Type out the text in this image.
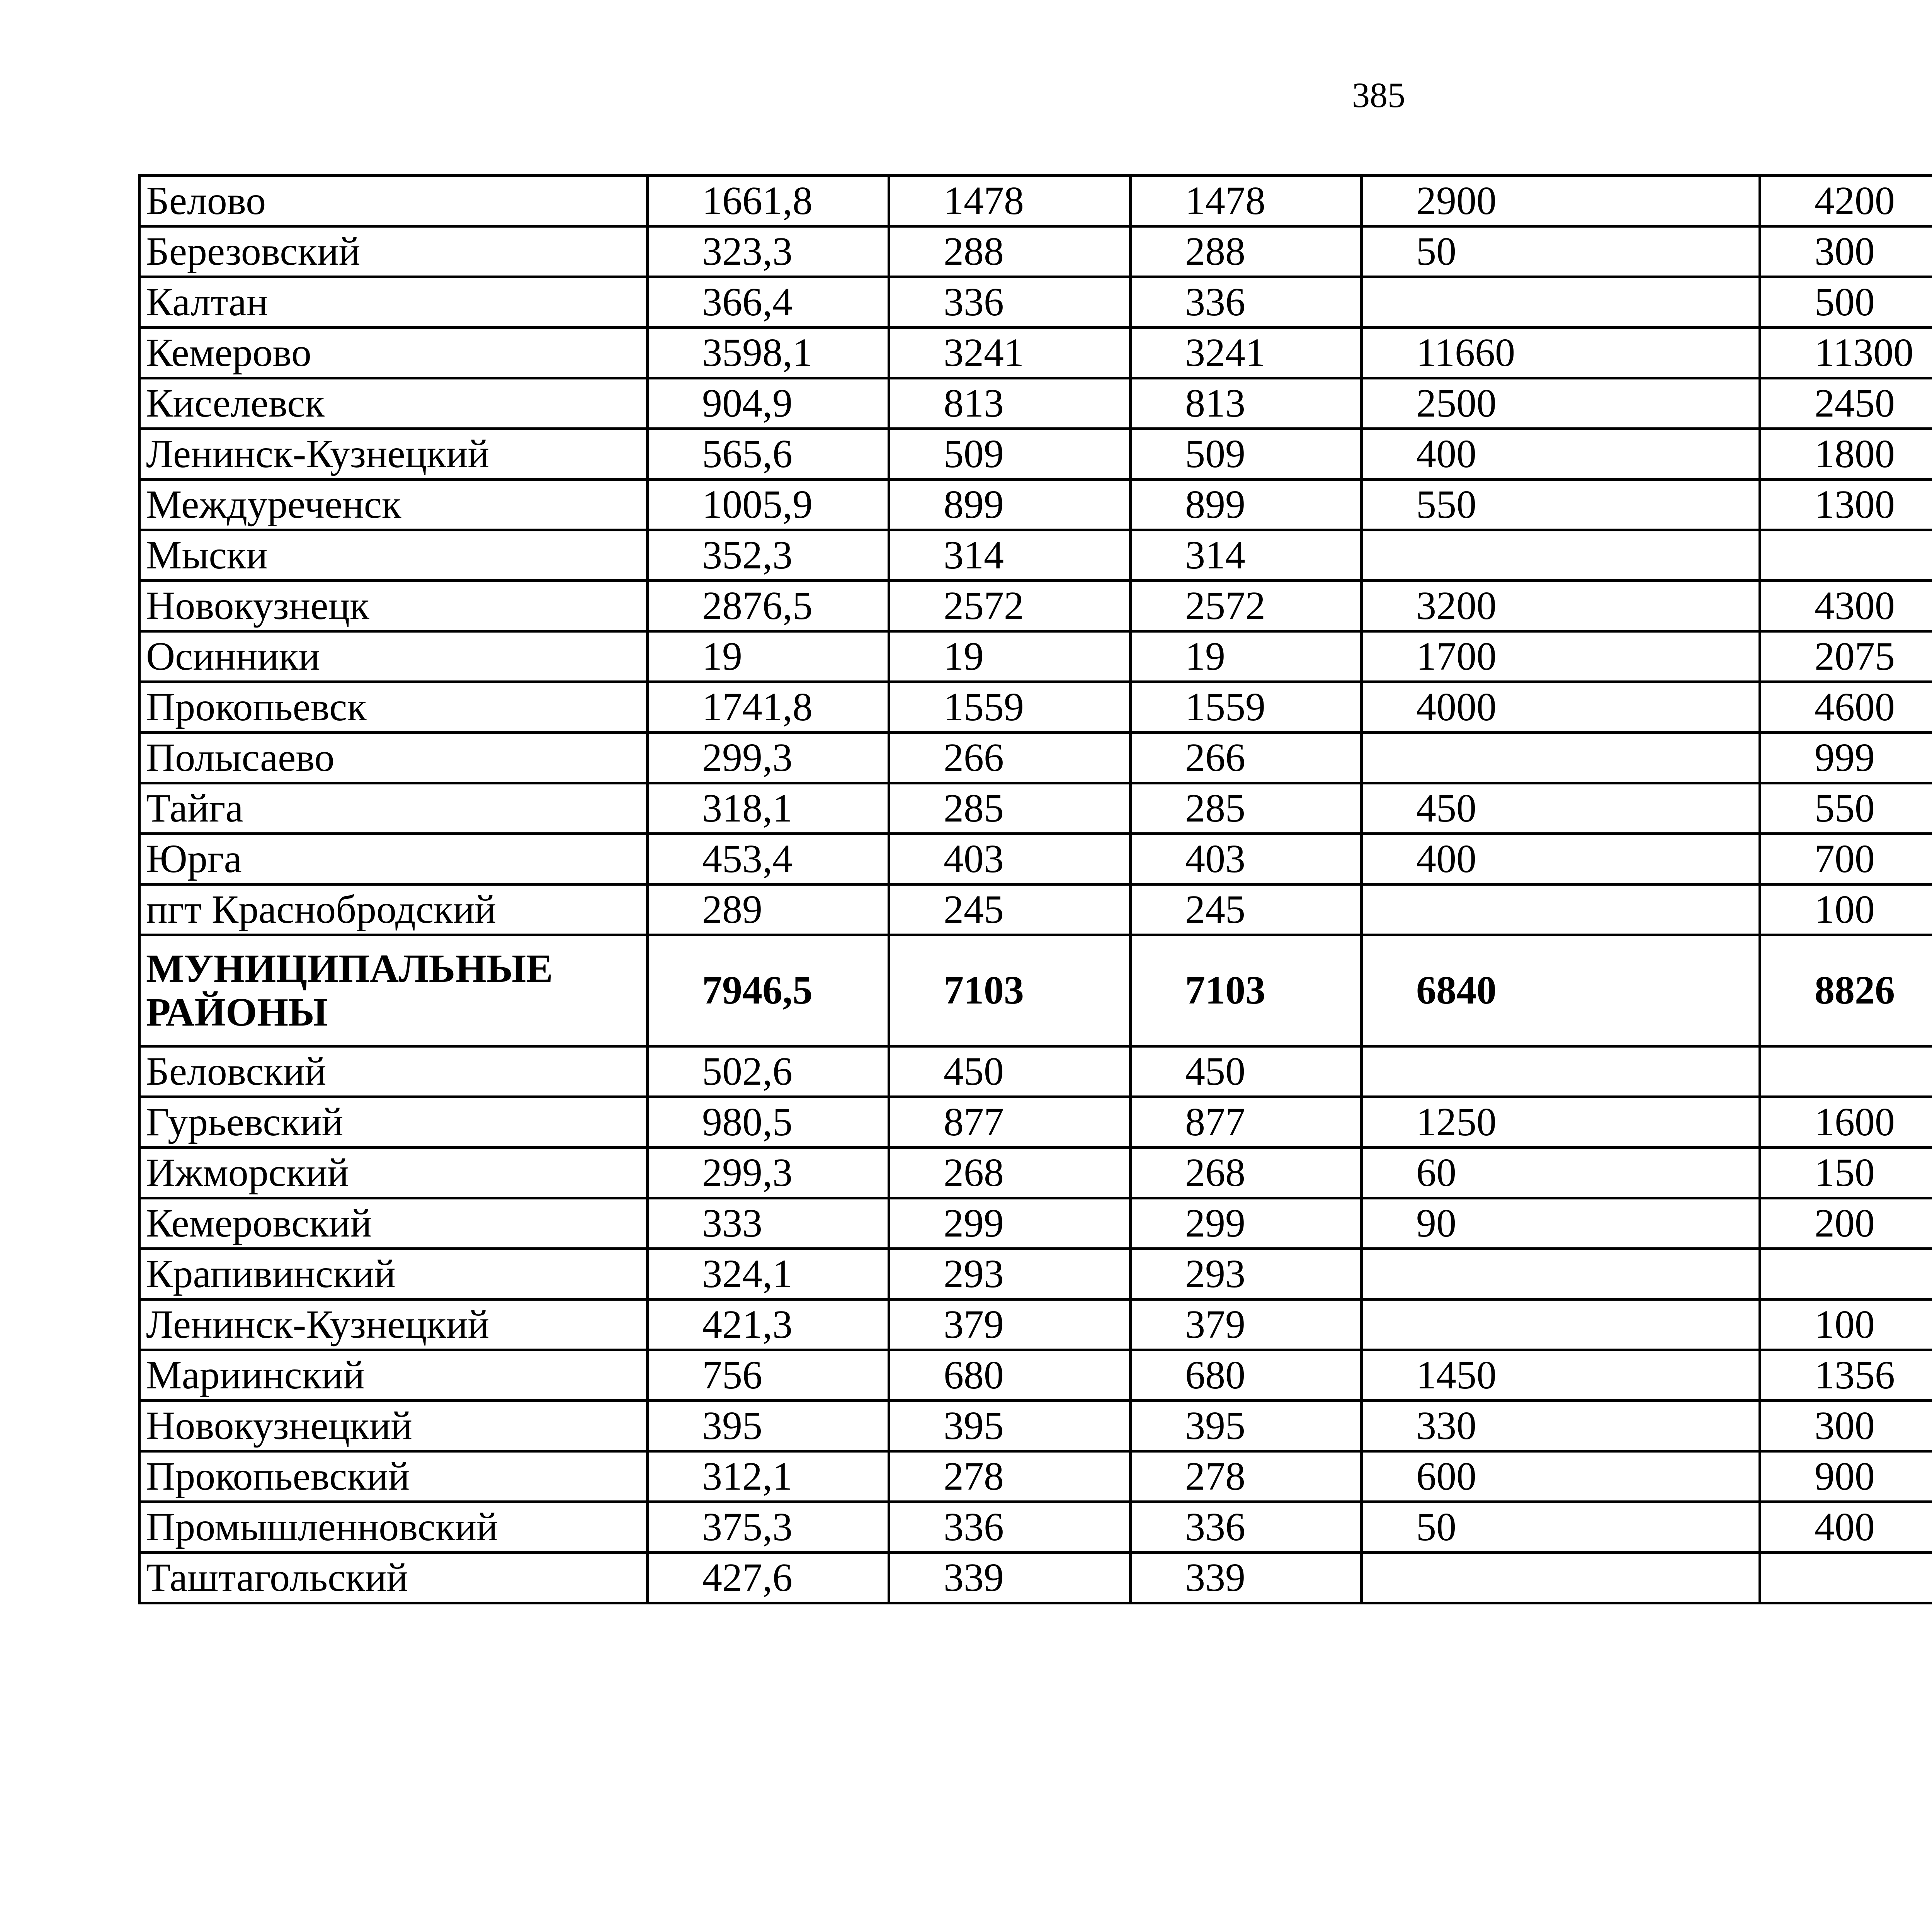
385
Белово	1661,8	1478	1478	2900	4200	
Березовский	323,3	288	288	50	300	
Калтан	366,4	336	336		500	
Кемерово	3598,1	3241	3241	11660	11300	
Киселевск	904,9	813	813	2500	2450	
Ленинск-Кузнецкий	565,6	509	509	400	1800	
Междуреченск	1005,9	899	899	550	1300	
Мыски	352,3	314	314			
Новокузнецк	2876,5	2572	2572	3200	4300	
Осинники	19	19	19	1700	2075	
Прокопьевск	1741,8	1559	1559	4000	4600	
Полысаево	299,3	266	266		999	
Тайга	318,1	285	285	450	550	
Юрга	453,4	403	403	400	700	
пгт Краснобродский	289	245	245		100	
МУНИЦИПАЛЬНЫЕ РАЙОНЫ	7946,5	7103	7103	6840	8826	
Беловский	502,6	450	450			
Гурьевский	980,5	877	877	1250	1600	
Ижморский	299,3	268	268	60	150	
Кемеровский	333	299	299	90	200	
Крапивинский	324,1	293	293			
Ленинск-Кузнецкий	421,3	379	379		100	
Мариинский	756	680	680	1450	1356	
Новокузнецкий	395	395	395	330	300	
Прокопьевский	312,1	278	278	600	900	
Промышленновский	375,3	336	336	50	400	
Таштагольский	427,6	339	339			
